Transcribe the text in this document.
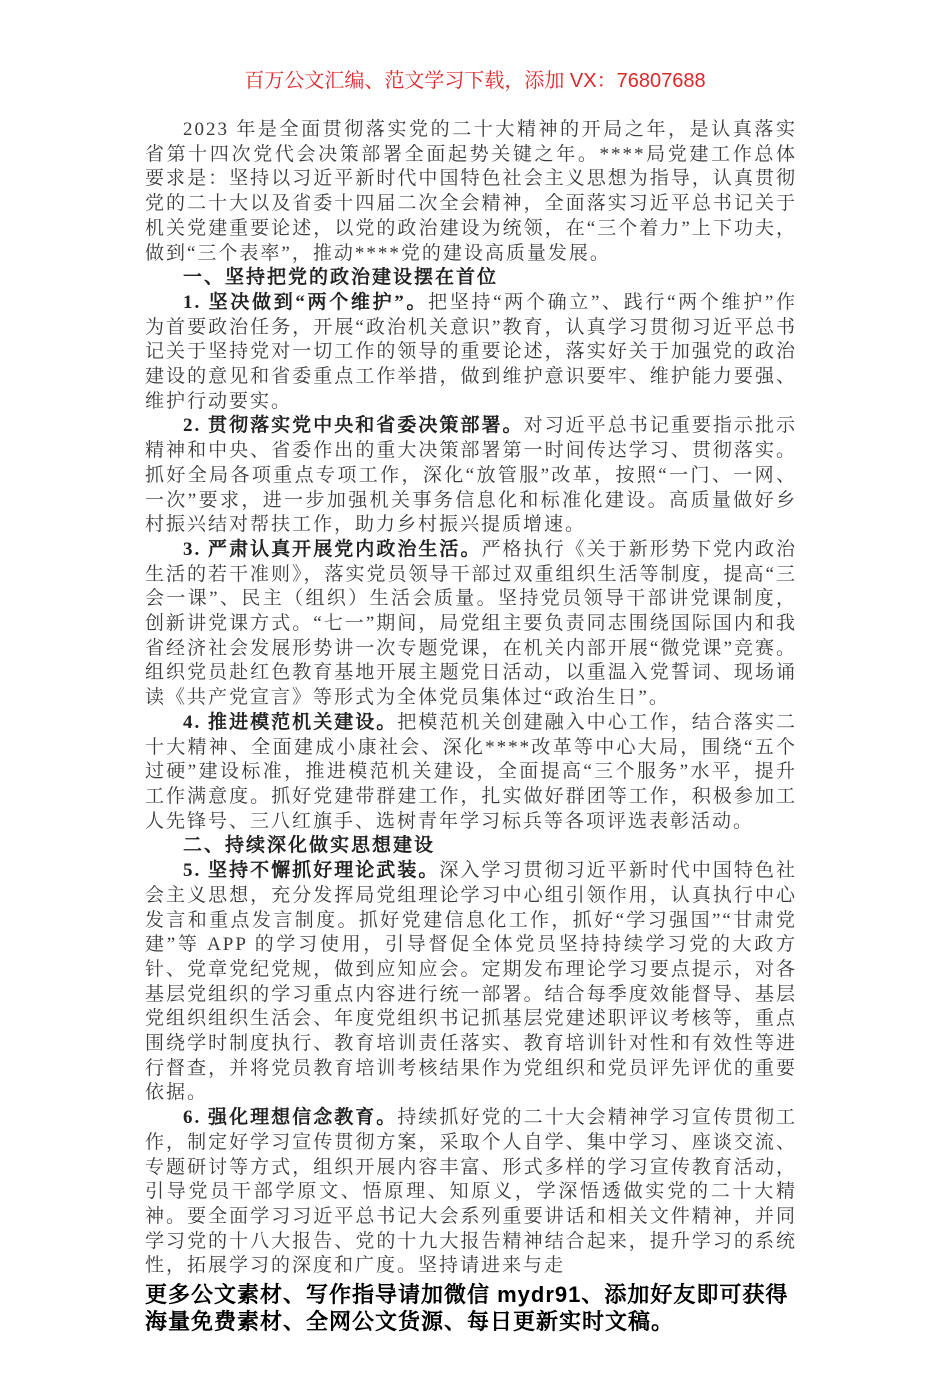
百万公文汇编、范文学习下载，添加 VX：76807688

2023 年是全面贯彻落实党的二十大精神的开局之年，是认真落实省第十四次党代会决策部署全面起势关键之年。****局党建工作总体要求是：坚持以习近平新时代中国特色社会主义思想为指导，认真贯彻党的二十大以及省委十四届二次全会精神，全面落实习近平总书记关于机关党建重要论述，以党的政治建设为统领，在“三个着力”上下功夫，做到“三个表率”，推动****党的建设高质量发展。

一、坚持把党的政治建设摆在首位

1. 坚决做到“两个维护”。把坚持“两个确立”、践行“两个维护”作为首要政治任务，开展“政治机关意识”教育，认真学习贯彻习近平总书记关于坚持党对一切工作的领导的重要论述，落实好关于加强党的政治建设的意见和省委重点工作举措，做到维护意识要牢、维护能力要强、维护行动要实。

2. 贯彻落实党中央和省委决策部署。对习近平总书记重要指示批示精神和中央、省委作出的重大决策部署第一时间传达学习、贯彻落实。抓好全局各项重点专项工作，深化“放管服”改革，按照“一门、一网、一次”要求，进一步加强机关事务信息化和标准化建设。高质量做好乡村振兴结对帮扶工作，助力乡村振兴提质增速。

3. 严肃认真开展党内政治生活。严格执行《关于新形势下党内政治生活的若干准则》，落实党员领导干部过双重组织生活等制度，提高“三会一课”、民主（组织）生活会质量。坚持党员领导干部讲党课制度，创新讲党课方式。“七一”期间，局党组主要负责同志围绕国际国内和我省经济社会发展形势讲一次专题党课，在机关内部开展“微党课”竞赛。组织党员赴红色教育基地开展主题党日活动，以重温入党誓词、现场诵读《共产党宣言》等形式为全体党员集体过“政治生日”。

4. 推进模范机关建设。把模范机关创建融入中心工作，结合落实二十大精神、全面建成小康社会、深化****改革等中心大局，围绕“五个过硬”建设标准，推进模范机关建设，全面提高“三个服务”水平，提升工作满意度。抓好党建带群建工作，扎实做好群团等工作，积极参加工人先锋号、三八红旗手、选树青年学习标兵等各项评选表彰活动。

二、持续深化做实思想建设

5. 坚持不懈抓好理论武装。深入学习贯彻习近平新时代中国特色社会主义思想，充分发挥局党组理论学习中心组引领作用，认真执行中心发言和重点发言制度。抓好党建信息化工作，抓好“学习强国”“甘肃党建”等 APP 的学习使用，引导督促全体党员坚持持续学习党的大政方针、党章党纪党规，做到应知应会。定期发布理论学习要点提示，对各基层党组织的学习重点内容进行统一部署。结合每季度效能督导、基层党组织组织生活会、年度党组织书记抓基层党建述职评议考核等，重点围绕学时制度执行、教育培训责任落实、教育培训针对性和有效性等进行督查，并将党员教育培训考核结果作为党组织和党员评先评优的重要依据。

6. 强化理想信念教育。持续抓好党的二十大会精神学习宣传贯彻工作，制定好学习宣传贯彻方案，采取个人自学、集中学习、座谈交流、专题研讨等方式，组织开展内容丰富、形式多样的学习宣传教育活动，引导党员干部学原文、悟原理、知原义，学深悟透做实党的二十大精神。要全面学习习近平总书记大会系列重要讲话和相关文件精神，并同学习党的十八大报告、党的十九大报告精神结合起来，提升学习的系统性，拓展学习的深度和广度。坚持请进来与走

更多公文素材、写作指导请加微信 mydr91、添加好友即可获得海量免费素材、全网公文货源、每日更新实时文稿。
